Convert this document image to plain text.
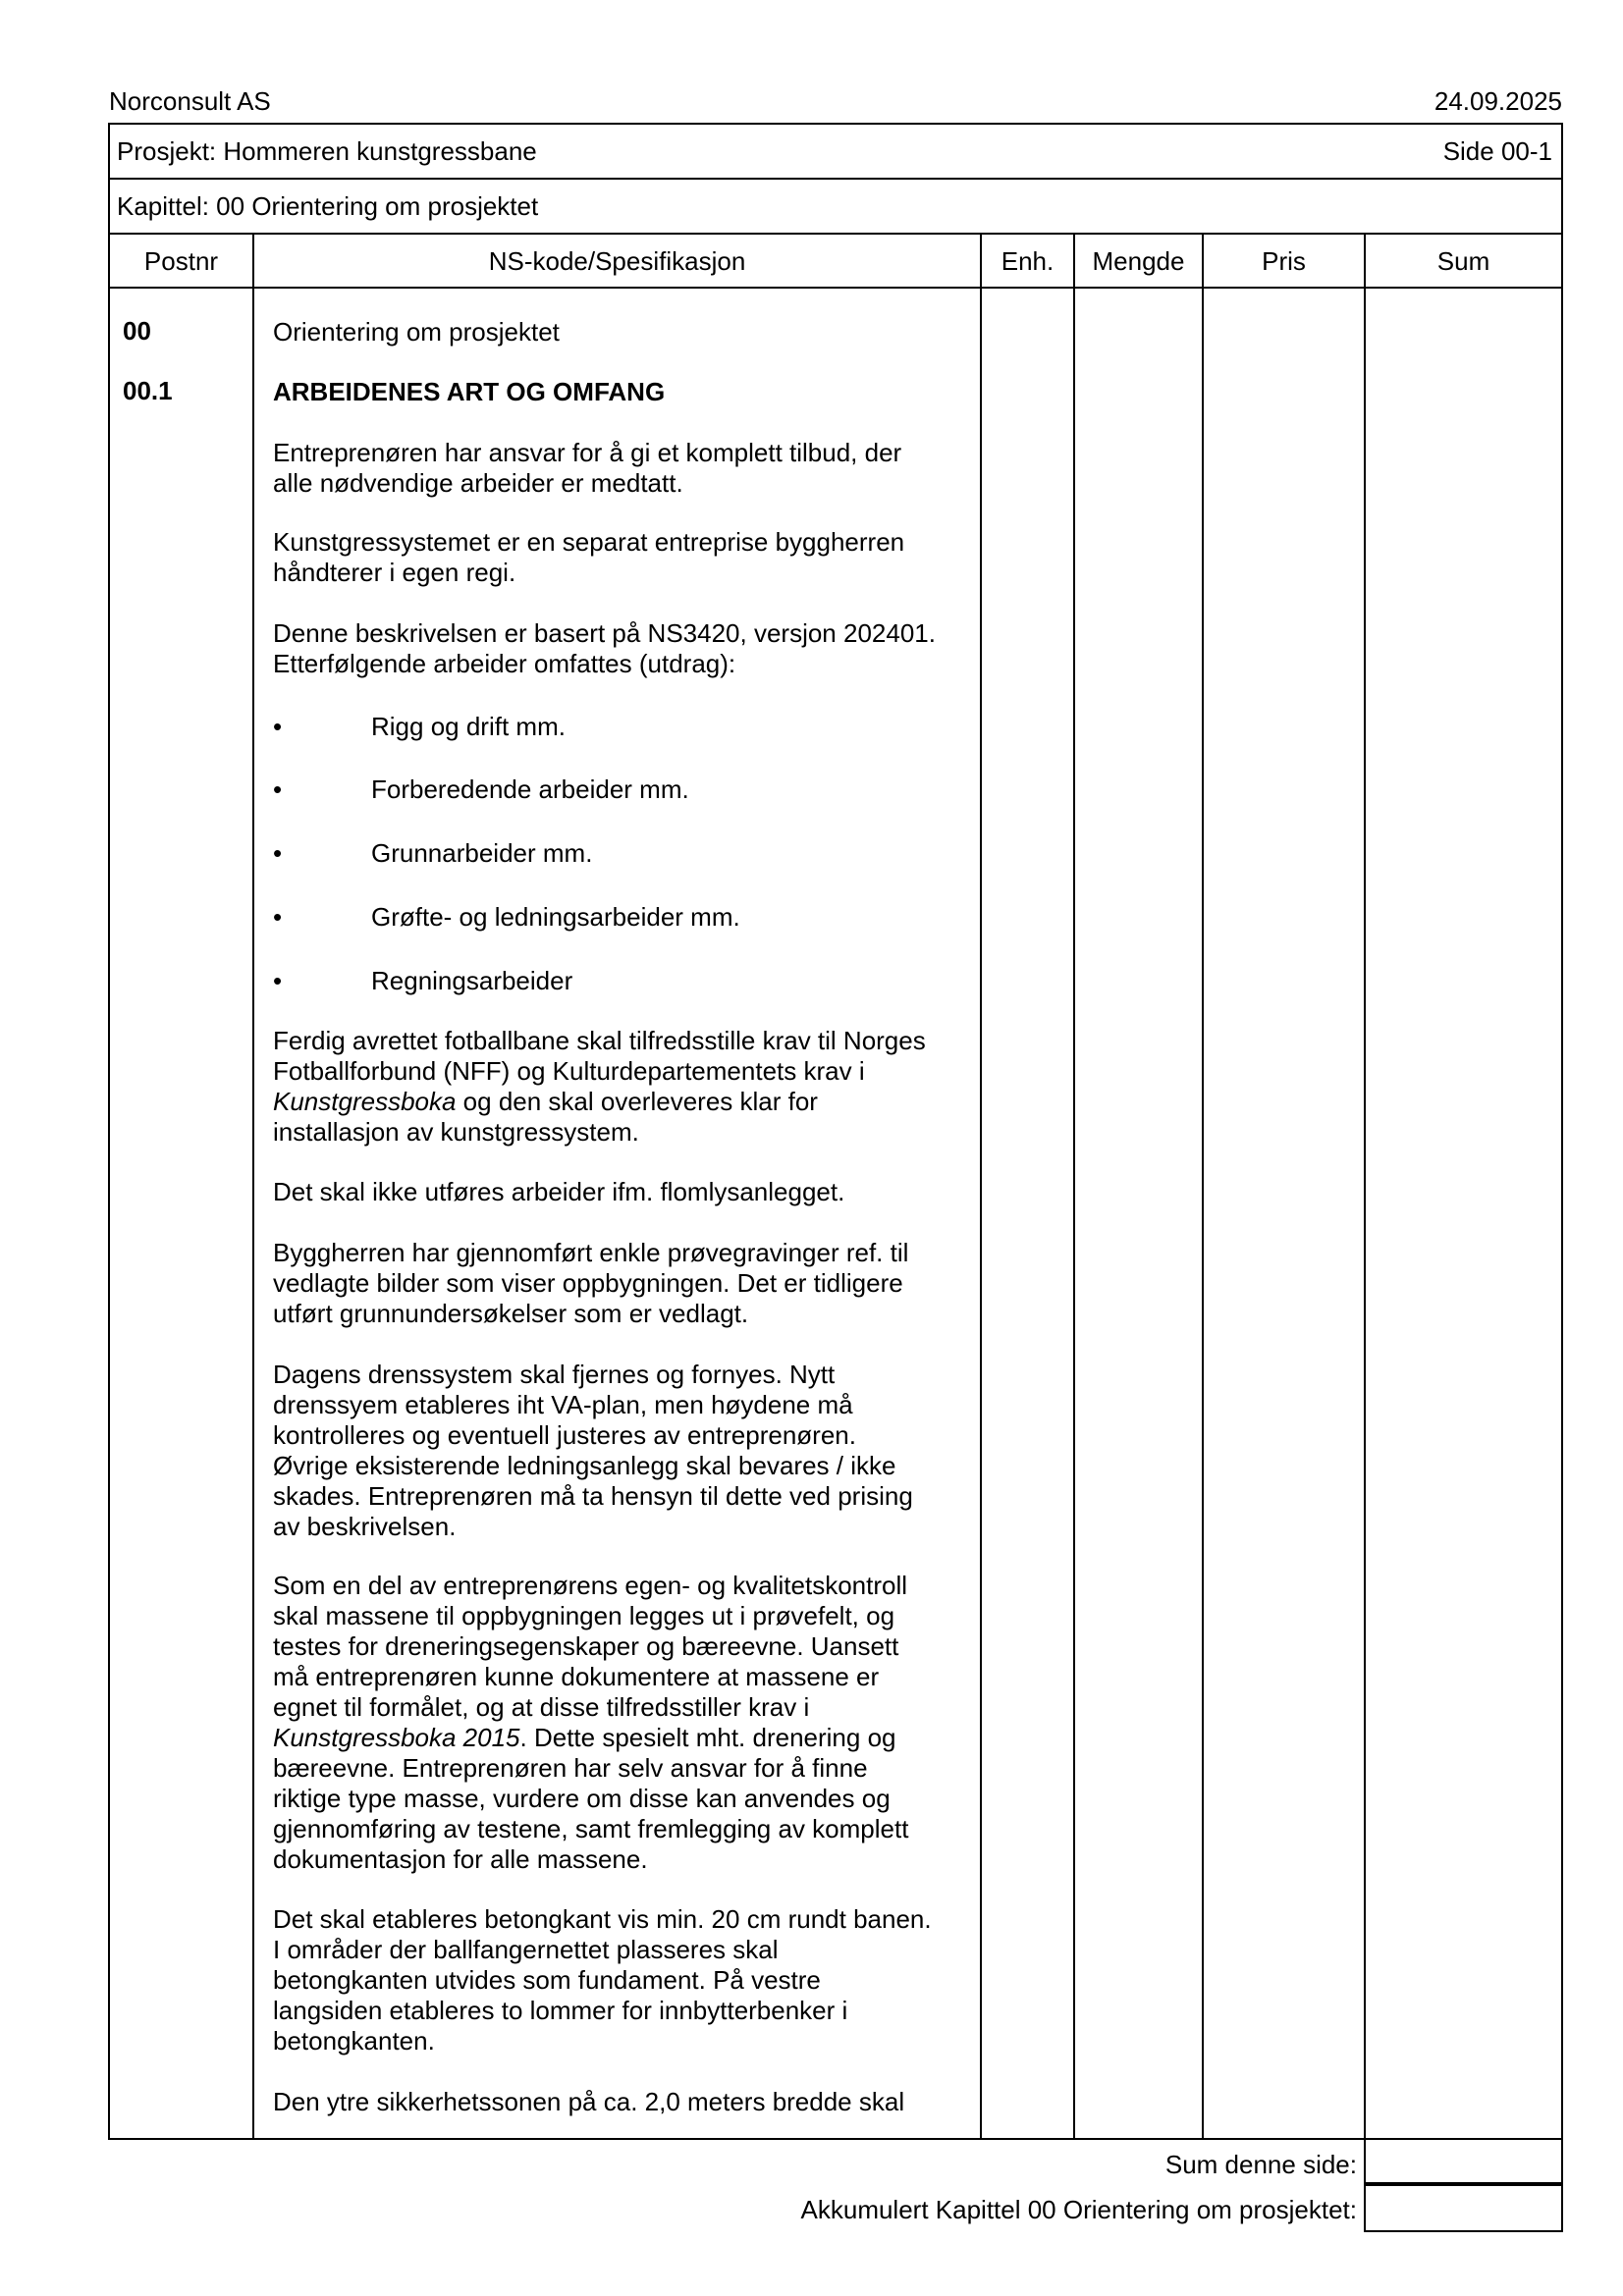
Norconsult AS	24.09.2025
Prosjekt: Hommeren kunstgressbane	Side 00-1
Kapittel: 00 Orientering om prosjektet
Postnr	NS-kode/Spesifikasjon	Enh.	Mengde	Pris	Sum
00	Orientering om prosjektet
00.1	ARBEIDENES ART OG OMFANG
Entreprenøren har ansvar for å gi et komplett tilbud, der
alle nødvendige arbeider er medtatt.
Kunstgressystemet er en separat entreprise byggherren
håndterer i egen regi.
Denne beskrivelsen er basert på NS3420, versjon 202401.
Etterfølgende arbeider omfattes (utdrag):
•	Rigg og drift mm.
•	Forberedende arbeider mm.
•	Grunnarbeider mm.
•	Grøfte- og ledningsarbeider mm.
•	Regningsarbeider
Ferdig avrettet fotballbane skal tilfredsstille krav til Norges
Fotballforbund (NFF) og Kulturdepartementets krav i
Kunstgressboka og den skal overleveres klar for
installasjon av kunstgressystem.
Det skal ikke utføres arbeider ifm. flomlysanlegget.
Byggherren har gjennomført enkle prøvegravinger ref. til
vedlagte bilder som viser oppbygningen. Det er tidligere
utført grunnundersøkelser som er vedlagt.
Dagens drenssystem skal fjernes og fornyes. Nytt
drenssyem etableres iht VA-plan, men høydene må
kontrolleres og eventuell justeres av entreprenøren.
Øvrige eksisterende ledningsanlegg skal bevares / ikke
skades. Entreprenøren må ta hensyn til dette ved prising
av beskrivelsen.
Som en del av entreprenørens egen- og kvalitetskontroll
skal massene til oppbygningen legges ut i prøvefelt, og
testes for dreneringsegenskaper og bæreevne. Uansett
må entreprenøren kunne dokumentere at massene er
egnet til formålet, og at disse tilfredsstiller krav i
Kunstgressboka 2015. Dette spesielt mht. drenering og
bæreevne. Entreprenøren har selv ansvar for å finne
riktige type masse, vurdere om disse kan anvendes og
gjennomføring av testene, samt fremlegging av komplett
dokumentasjon for alle massene.
Det skal etableres betongkant vis min. 20 cm rundt banen.
I områder der ballfangernettet plasseres skal
betongkanten utvides som fundament. På vestre
langsiden etableres to lommer for innbytterbenker i
betongkanten.
Den ytre sikkerhetssonen på ca. 2,0 meters bredde skal
Sum denne side:
Akkumulert Kapittel 00 Orientering om prosjektet:
